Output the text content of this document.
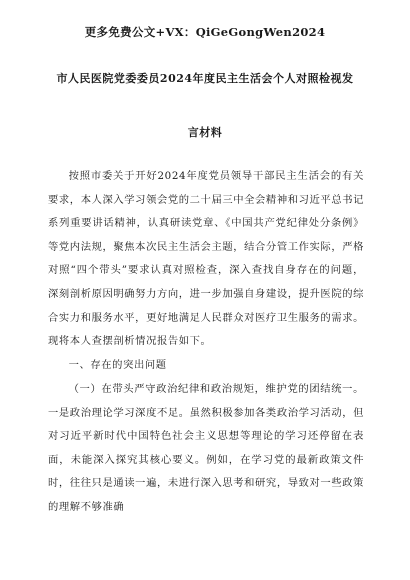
更多免费公文+VX：QiGeGongWen2024
市人民医院党委委员2024年度民主生活会个人对照检视发
言材料

按照市委关于开好2024年度党员领导干部民主生活会的有关要求，本人深入学习领会党的二十届三中全会精神和习近平总书记系列重要讲话精神，认真研读党章、《中国共产党纪律处分条例》等党内法规，聚焦本次民主生活会主题，结合分管工作实际，严格对照“四个带头”要求认真对照检查，深入查找自身存在的问题，深刻剖析原因明确努力方向，进一步加强自身建设，提升医院的综合实力和服务水平，更好地满足人民群众对医疗卫生服务的需求。现将本人查摆剖析情况报告如下。

一、存在的突出问题

（一）在带头严守政治纪律和政治规矩，维护党的团结统一。一是政治理论学习深度不足。虽然积极参加各类政治学习活动，但对习近平新时代中国特色社会主义思想等理论的学习还停留在表面，未能深入探究其核心要义。例如，在学习党的最新政策文件时，往往只是通读一遍，未进行深入思考和研究，导致对一些政策的理解不够准确
